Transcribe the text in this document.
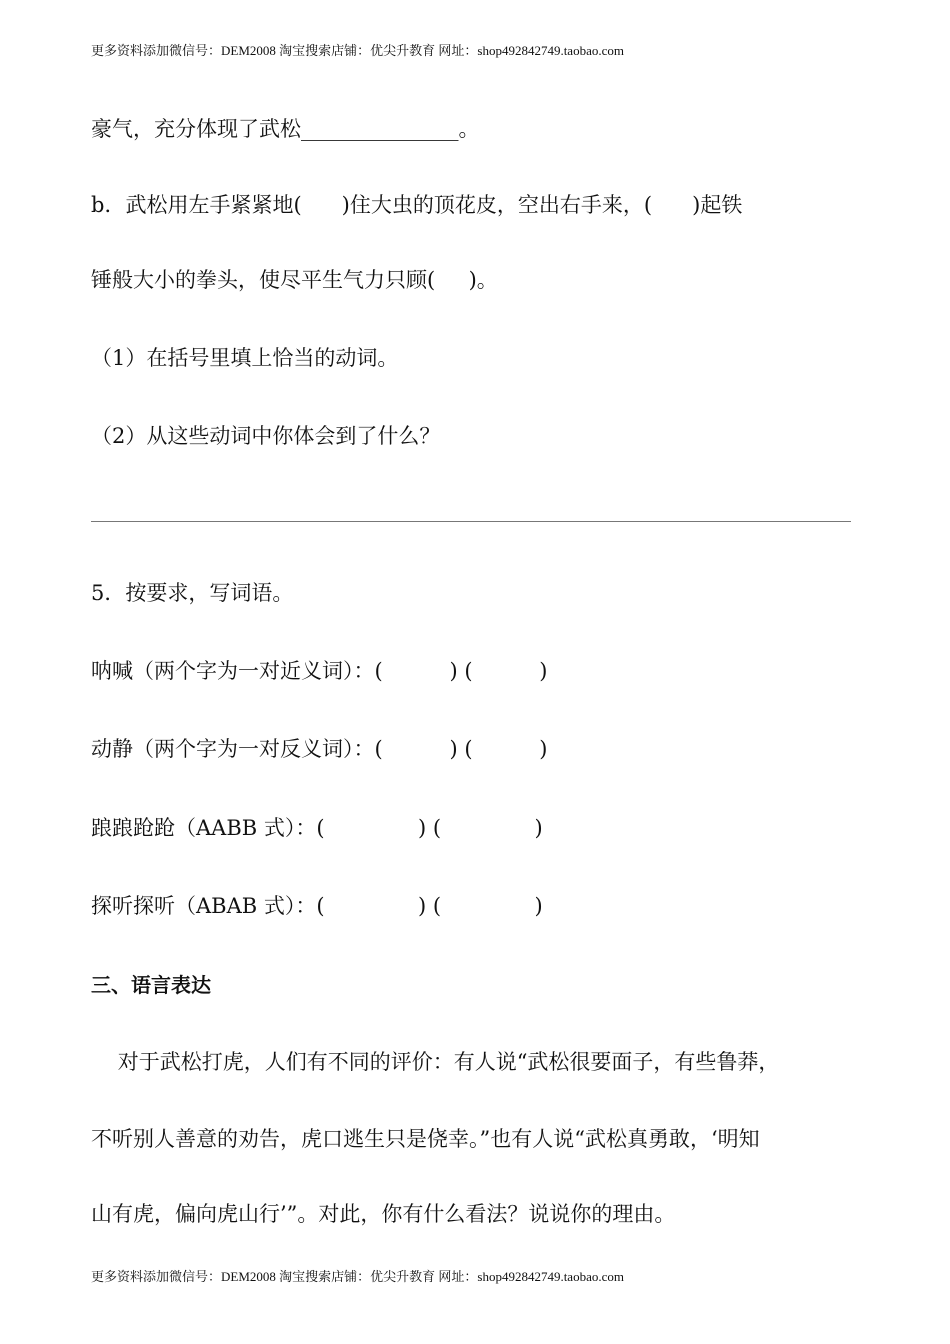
更多资料添加微信号：DEM2008 淘宝搜索店铺：优尖升教育 网址：shop492842749.taobao.com
豪气，充分体现了武松_______________。
b．武松用左手紧紧地(      )住大虫的顶花皮，空出右手来，(      )起铁
锤般大小的拳头，使尽平生气力只顾(     )。
（1）在括号里填上恰当的动词。
（2）从这些动词中你体会到了什么？
5．按要求，写词语。
呐喊（两个字为一对近义词）：(          ) (          )
动静（两个字为一对反义词）：(          ) (          )
踉踉跄跄（AABB 式）：(              ) (              )
探听探听（ABAB 式）：(              ) (              )
三、语言表达
对于武松打虎，人们有不同的评价：有人说“武松很要面子，有些鲁莽，
不听别人善意的劝告，虎口逃生只是侥幸。”也有人说“武松真勇敢，‘明知
山有虎，偏向虎山行’”。对此，你有什么看法？说说你的理由。
更多资料添加微信号：DEM2008 淘宝搜索店铺：优尖升教育 网址：shop492842749.taobao.com
